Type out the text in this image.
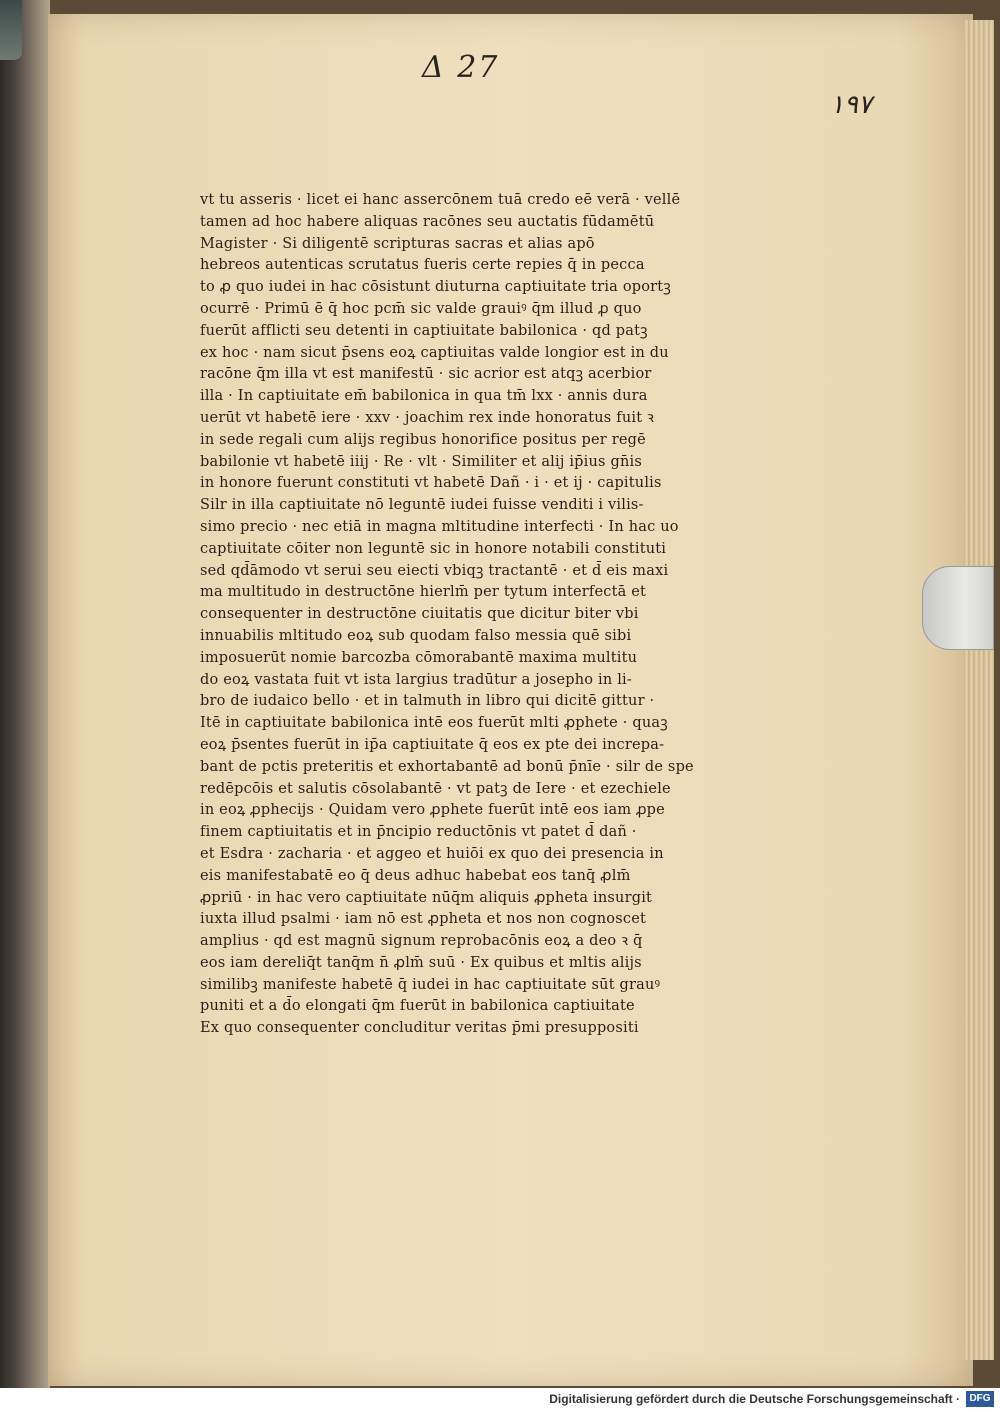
Δ 27
١٩٧
vt tu asseris · licet ei hanc assercōnem tuā credo eē verā · vellē
tamen ad hoc habere aliquas racōnes seu auctatis fūdamētū
Magister · Si diligentē scripturas sacras et alias apō
hebreos autenticas scrutatus fueris certe repies q̄ in pecca
to ꝓ quo iudei in hac cōsistunt diuturna captiuitate tria oportꝫ
ocurrē · Primū ē q̄ hoc pcm̄ sic valde grauiꝰ q̄m illud ꝓ quo
fuerūt afflicti seu detenti in captiuitate babilonica · qd patꝫ
ex hoc · nam sicut p̄sens eoꝝ captiuitas valde longior est in du
racōne q̄m illa vt est manifestū · sic acrior est atqꝫ acerbior
illa · In captiuitate em̄ babilonica in qua tm̄ lxx · annis dura
uerūt vt habetē iere · xxv · joachim rex inde honoratus fuit ꝛ
in sede regali cum alijs regibus honorifice positus per regē
babilonie vt habetē iiij · Re · vlt · Similiter et alij ip̄ius gn̄is
in honore fuerunt constituti vt habetē Dañ · i · et ij · capitulis
Silr in illa captiuitate nō leguntē iudei fuisse venditi i vilis-
simo precio · nec etiā in magna mltitudine interfecti · In hac uo
captiuitate cōiter non leguntē sic in honore notabili constituti
sed qd̄āmodo vt serui seu eiecti vbiqꝫ tractantē · et d̄ eis maxi
ma multitudo in destructōne hierlm̄ per tytum interfectā et
consequenter in destructōne ciuitatis que dicitur biter vbi
innuabilis mltitudo eoꝝ sub quodam falso messia quē sibi
imposuerūt nomie barcozba cōmorabantē maxima multitu
do eoꝝ vastata fuit vt ista largius tradūtur a josepho in li-
bro de iudaico bello · et in talmuth in libro qui dicitē gittur ·
Itē in captiuitate babilonica intē eos fuerūt mlti ꝓphete · quaꝫ
eoꝝ p̄sentes fuerūt in ip̄a captiuitate q̄ eos ex pte dei increpa-
bant de pctis preteritis et exhortabantē ad bonū p̄nīe · silr de spe
redēpcōis et salutis cōsolabantē · vt patꝫ de Iere · et ezechiele
in eoꝝ ꝓphecijs · Quidam vero ꝓphete fuerūt intē eos iam ꝓpe
finem captiuitatis et in p̄ncipio reductōnis vt patet d̄ dañ ·
et Esdra · zacharia · et aggeo et huiōi ex quo dei presencia in
eis manifestabatē eo q̄ deus adhuc habebat eos tanq̄ ꝓlm̄
ꝓpriū · in hac vero captiuitate nūq̄m aliquis ꝓpheta insurgit
iuxta illud psalmi · iam nō est ꝓpheta et nos non cognoscet
amplius · qd est magnū signum reprobacōnis eoꝝ a deo ꝛ q̄
eos iam dereliq̄t tanq̄m n̄ ꝓlm̄ suū · Ex quibus et mltis alijs
similibꝫ manifeste habetē q̄ iudei in hac captiuitate sūt grauꝰ
puniti et a d̄o elongati q̄m fuerūt in babilonica captiuitate
Ex quo consequenter concluditur veritas p̄mi presuppositi
Digitalisierung gefördert durch die Deutsche Forschungsgemeinschaft · DFG
